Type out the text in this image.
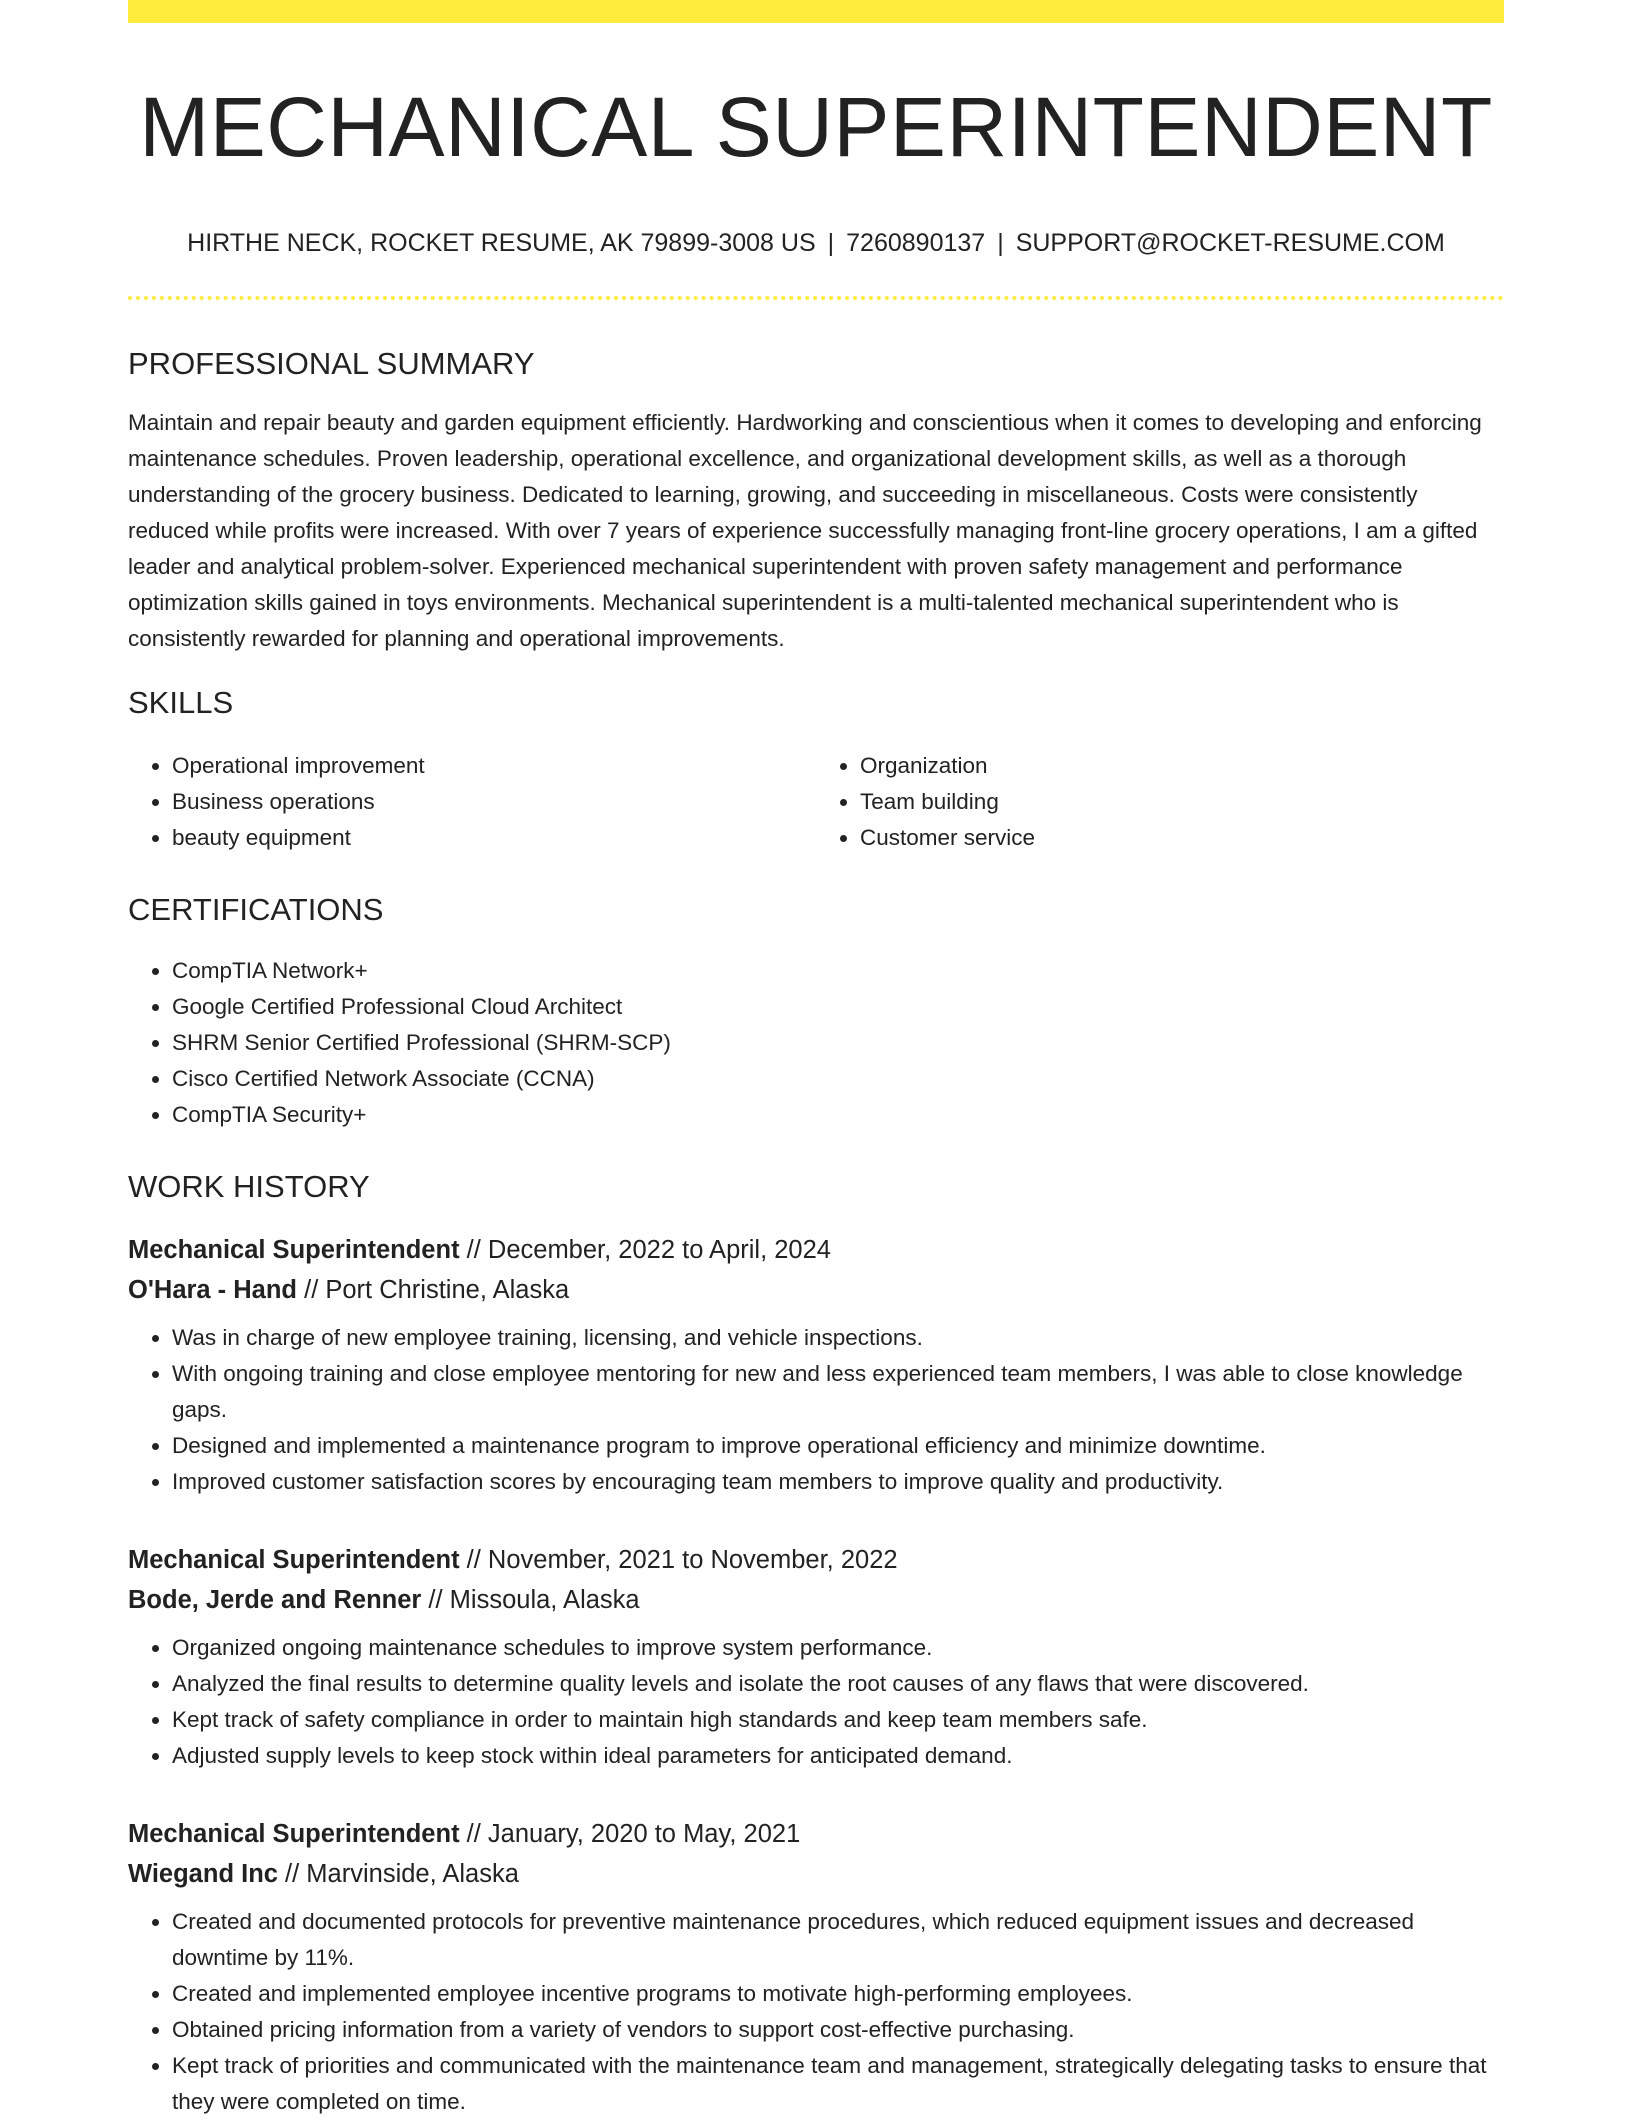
MECHANICAL SUPERINTENDENT
HIRTHE NECK, ROCKET RESUME, AK 79899-3008 US | 7260890137 | SUPPORT@ROCKET-RESUME.COM
PROFESSIONAL SUMMARY

Maintain and repair beauty and garden equipment efficiently. Hardworking and conscientious when it comes to developing and enforcing maintenance schedules. Proven leadership, operational excellence, and organizational development skills, as well as a thorough understanding of the grocery business. Dedicated to learning, growing, and succeeding in miscellaneous. Costs were consistently reduced while profits were increased. With over 7 years of experience successfully managing front-line grocery operations, I am a gifted leader and analytical problem-solver. Experienced mechanical superintendent with proven safety management and performance optimization skills gained in toys environments. Mechanical superintendent is a multi-talented mechanical superintendent who is consistently rewarded for planning and operational improvements.

SKILLS
• Operational improvement
• Business operations
• beauty equipment
• Organization
• Team building
• Customer service
CERTIFICATIONS
• CompTIA Network+
• Google Certified Professional Cloud Architect
• SHRM Senior Certified Professional (SHRM-SCP)
• Cisco Certified Network Associate (CCNA)
• CompTIA Security+
WORK HISTORY
Mechanical Superintendent // December, 2022 to April, 2024
O'Hara - Hand // Port Christine, Alaska
• Was in charge of new employee training, licensing, and vehicle inspections.
• With ongoing training and close employee mentoring for new and less experienced team members, I was able to close knowledge gaps.
• Designed and implemented a maintenance program to improve operational efficiency and minimize downtime.
• Improved customer satisfaction scores by encouraging team members to improve quality and productivity.
Mechanical Superintendent // November, 2021 to November, 2022
Bode, Jerde and Renner // Missoula, Alaska
• Organized ongoing maintenance schedules to improve system performance.
• Analyzed the final results to determine quality levels and isolate the root causes of any flaws that were discovered.
• Kept track of safety compliance in order to maintain high standards and keep team members safe.
• Adjusted supply levels to keep stock within ideal parameters for anticipated demand.
Mechanical Superintendent // January, 2020 to May, 2021
Wiegand Inc // Marvinside, Alaska
• Created and documented protocols for preventive maintenance procedures, which reduced equipment issues and decreased downtime by 11%.
• Created and implemented employee incentive programs to motivate high-performing employees.
• Obtained pricing information from a variety of vendors to support cost-effective purchasing.
• Kept track of priorities and communicated with the maintenance team and management, strategically delegating tasks to ensure that they were completed on time.
